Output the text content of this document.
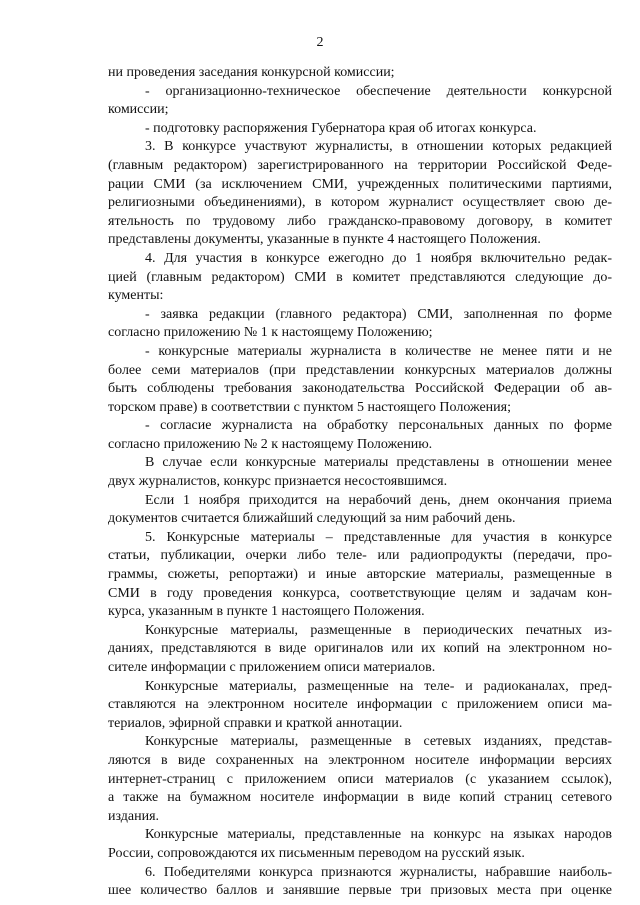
2

ни проведения заседания конкурсной комиссии;

- организационно-техническое обеспечение деятельности конкурсной

комиссии;

- подготовку распоряжения Губернатора края об итогах конкурса.

3. В конкурсе участвуют журналисты, в отношении которых редакцией

(главным редактором) зарегистрированного на территории Российской Феде-

рации СМИ (за исключением СМИ, учрежденных политическими партиями,

религиозными объединениями), в котором журналист осуществляет свою де-

ятельность по трудовому либо гражданско-правовому договору, в комитет

представлены документы, указанные в пункте 4 настоящего Положения.

4. Для участия в конкурсе ежегодно до 1 ноября включительно редак-

цией (главным редактором) СМИ в комитет представляются следующие до-

кументы:

- заявка редакции (главного редактора) СМИ, заполненная по форме

согласно приложению № 1 к настоящему Положению;

- конкурсные материалы журналиста в количестве не менее пяти и не

более семи материалов (при представлении конкурсных материалов должны

быть соблюдены требования законодательства Российской Федерации об ав-

торском праве) в соответствии с пунктом 5 настоящего Положения;

- согласие журналиста на обработку персональных данных по форме

согласно приложению № 2 к настоящему Положению.

В случае если конкурсные материалы представлены в отношении менее

двух журналистов, конкурс признается несостоявшимся.

Если 1 ноября приходится на нерабочий день, днем окончания приема

документов считается ближайший следующий за ним рабочий день.

5. Конкурсные материалы – представленные для участия в конкурсе

статьи, публикации, очерки либо теле- или радиопродукты (передачи, про-

граммы, сюжеты, репортажи) и иные авторские материалы, размещенные в

СМИ в году проведения конкурса, соответствующие целям и задачам кон-

курса, указанным в пункте 1 настоящего Положения.

Конкурсные материалы, размещенные в периодических печатных из-

даниях, представляются в виде оригиналов или их копий на электронном но-

сителе информации с приложением описи материалов.

Конкурсные материалы, размещенные на теле- и радиоканалах, пред-

ставляются на электронном носителе информации с приложением описи ма-

териалов, эфирной справки и краткой аннотации.

Конкурсные материалы, размещенные в сетевых изданиях, представ-

ляются в виде сохраненных на электронном носителе информации версиях

интернет-страниц с приложением описи материалов (с указанием ссылок),

а также на бумажном носителе информации в виде копий страниц сетевого

издания.

Конкурсные материалы, представленные на конкурс на языках народов

России, сопровождаются их письменным переводом на русский язык.

6. Победителями конкурса признаются журналисты, набравшие наиболь-

шее количество баллов и занявшие первые три призовых места при оценке
